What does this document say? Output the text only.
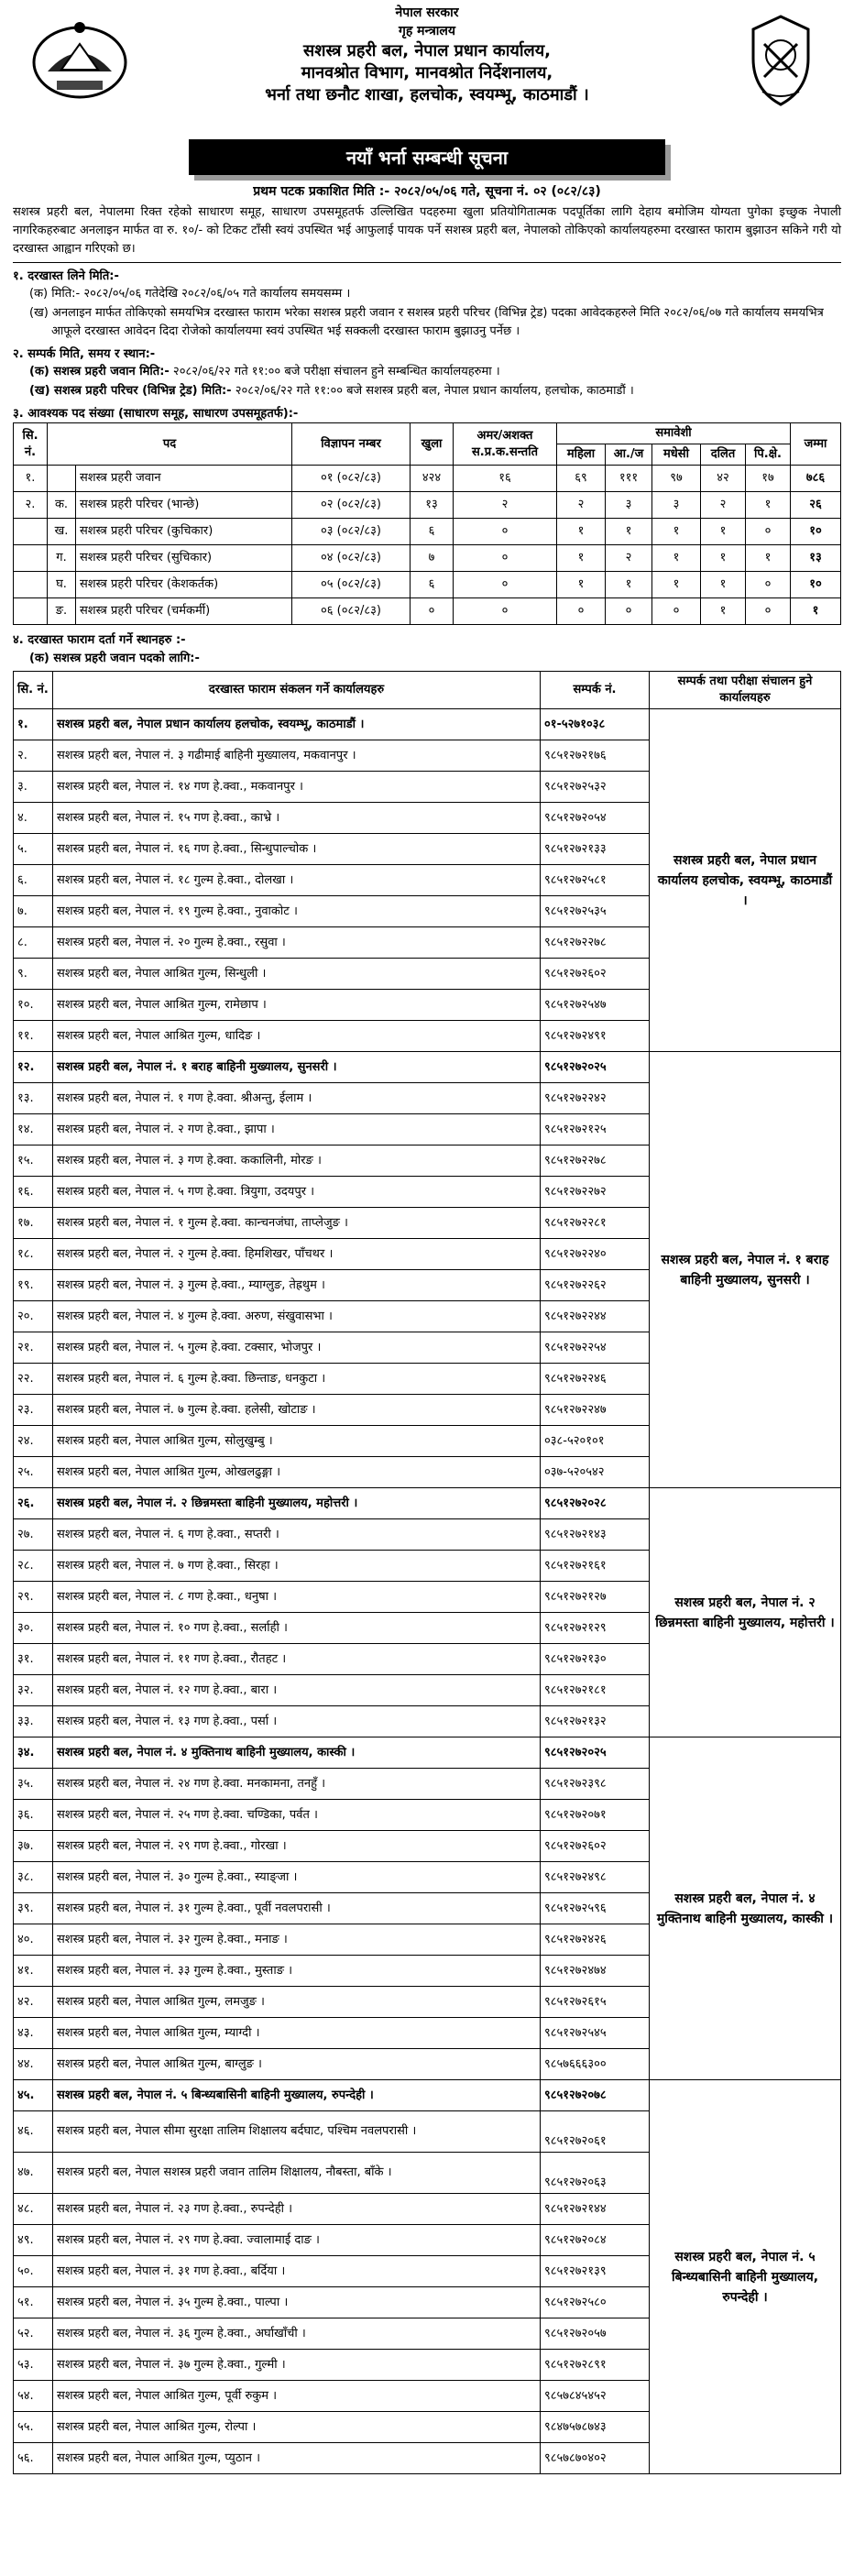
नेपाल सरकार

गृह मन्त्रालय

सशस्त्र प्रहरी बल, नेपाल प्रधान कार्यालय,

मानवश्रोत विभाग, मानवश्रोत निर्देशनालय,

भर्ना तथा छनौट शाखा, हलचोक, स्वयम्भू, काठमाडौं ।

नयाँ भर्ना सम्बन्धी सूचना
प्रथम पटक प्रकाशित मिति :- २०८२/०५/०६ गते, सूचना नं. ०२ (०८२/८३)

सशस्त्र प्रहरी बल, नेपालमा रिक्त रहेको साधारण समूह, साधारण उपसमूहतर्फ उल्लिखित पदहरुमा खुला प्रतियोगितात्मक पदपूर्तिका लागि देहाय बमोजिम योग्यता पुगेका इच्छुक नेपाली नागरिकहरुबाट अनलाइन मार्फत वा रु. १०/- को टिकट टाँसी स्वयं उपस्थित भई आफुलाई पायक पर्ने सशस्त्र प्रहरी बल, नेपालको तोकिएको कार्यालयहरुमा दरखास्त फाराम बुझाउन सकिने गरी यो दरखास्त आह्वान गरिएको छ।

१. दरखास्त लिने मिति:-

(क) मिति:- २०८२/०५/०६ गतेदेखि २०८२/०६/०५ गते कार्यालय समयसम्म ।

(ख) अनलाइन मार्फत तोकिएको समयभित्र दरखास्त फाराम भरेका सशस्त्र प्रहरी जवान र सशस्त्र प्रहरी परिचर (विभिन्न ट्रेड) पदका आवेदकहरुले मिति २०८२/०६/०७ गते कार्यालय समयभित्र आफूले दरखास्त आवेदन दिदा रोजेको कार्यालयमा स्वयं उपस्थित भई सक्कली दरखास्त फाराम बुझाउनु पर्नेछ ।

२. सम्पर्क मिति, समय र स्थान:-

(क) सशस्त्र प्रहरी जवान मिति:- २०८२/०६/२२ गते ११:०० बजे परीक्षा संचालन हुने सम्बन्धित कार्यालयहरुमा ।

(ख) सशस्त्र प्रहरी परिचर (विभिन्न ट्रेड) मिति:- २०८२/०६/२२ गते ११:०० बजे सशस्त्र प्रहरी बल, नेपाल प्रधान कार्यालय, हलचोक, काठमाडौं ।

३. आवश्यक पद संख्या (साधारण समूह, साधारण उपसमूहतर्फ):-
सि. नं.	पद		विज्ञापन नम्बर	खुला	अमर/अशक्त स.प्र.क.सन्तति	समावेशी					जम्मा
						महिला	आ./ज	मधेसी	दलित	पि.क्षे.	
१.		सशस्त्र प्रहरी जवान	०१ (०८२/८३)	४२४	१६	६९	१११	९७	४२	१७	७८६
२.	क.	सशस्त्र प्रहरी परिचर (भान्छे)	०२ (०८२/८३)	१३	२	२	३	३	२	१	२६
	ख.	सशस्त्र प्रहरी परिचर (कुचिकार)	०३ (०८२/८३)	६	०	१	१	१	१	०	१०
	ग.	सशस्त्र प्रहरी परिचर (सुचिकार)	०४ (०८२/८३)	७	०	१	२	१	१	१	१३
	घ.	सशस्त्र प्रहरी परिचर (केशकर्तक)	०५ (०८२/८३)	६	०	१	१	१	१	०	१०
	ङ.	सशस्त्र प्रहरी परिचर (चर्मकर्मी)	०६ (०८२/८३)	०	०	०	०	०	१	०	१
४. दरखास्त फाराम दर्ता गर्ने स्थानहरु :-
(क) सशस्त्र प्रहरी जवान पदको लागि:-
सि. नं.	दरखास्त फाराम संकलन गर्ने कार्यालयहरु	सम्पर्क नं.	सम्पर्क तथा परीक्षा संचालन हुने कार्यालयहरु
१.	सशस्त्र प्रहरी बल, नेपाल प्रधान कार्यालय हलचोक, स्वयम्भू, काठमाडौं ।	०१-५२७१०३८	सशस्त्र प्रहरी बल, नेपाल प्रधान कार्यालय हलचोक, स्वयम्भू, काठमाडौं ।
२.	सशस्त्र प्रहरी बल, नेपाल नं. ३ गढीमाई बाहिनी मुख्यालय, मकवानपुर ।	९८५१२७२१७६	
३.	सशस्त्र प्रहरी बल, नेपाल नं. १४ गण हे.क्वा., मकवानपुर ।	९८५१२७२५३२	
४.	सशस्त्र प्रहरी बल, नेपाल नं. १५ गण हे.क्वा., काभ्रे ।	९८५१२७२०५४	
५.	सशस्त्र प्रहरी बल, नेपाल नं. १६ गण हे.क्वा., सिन्धुपाल्चोक ।	९८५१२७२१३३	
६.	सशस्त्र प्रहरी बल, नेपाल नं. १८ गुल्म हे.क्वा., दोलखा ।	९८५१२७२५८१	
७.	सशस्त्र प्रहरी बल, नेपाल नं. १९ गुल्म हे.क्वा., नुवाकोट ।	९८५१२७२५३५	
८.	सशस्त्र प्रहरी बल, नेपाल नं. २० गुल्म हे.क्वा., रसुवा ।	९८५१२७२२७८	
९.	सशस्त्र प्रहरी बल, नेपाल आश्रित गुल्म, सिन्धुली ।	९८५१२७२६०२	
१०.	सशस्त्र प्रहरी बल, नेपाल आश्रित गुल्म, रामेछाप ।	९८५१२७२५४७	
११.	सशस्त्र प्रहरी बल, नेपाल आश्रित गुल्म, धादिङ ।	९८५१२७२४९१	
१२.	सशस्त्र प्रहरी बल, नेपाल नं. १ बराह बाहिनी मुख्यालय, सुनसरी ।	९८५१२७२०२५	सशस्त्र प्रहरी बल, नेपाल नं. १ बराह बाहिनी मुख्यालय, सुनसरी ।
१३.	सशस्त्र प्रहरी बल, नेपाल नं. १ गण हे.क्वा. श्रीअन्तु, ईलाम ।	९८५१२७२२४२	
१४.	सशस्त्र प्रहरी बल, नेपाल नं. २ गण हे.क्वा., झापा ।	९८५१२७२१२५	
१५.	सशस्त्र प्रहरी बल, नेपाल नं. ३ गण हे.क्वा. ककालिनी, मोरङ ।	९८५१२७२२७८	
१६.	सशस्त्र प्रहरी बल, नेपाल नं. ५ गण हे.क्वा. त्रियुगा, उदयपुर ।	९८५१२७२२७२	
१७.	सशस्त्र प्रहरी बल, नेपाल नं. १ गुल्म हे.क्वा. कान्चनजंघा, ताप्लेजुङ ।	९८५१२७२२८१	
१८.	सशस्त्र प्रहरी बल, नेपाल नं. २ गुल्म हे.क्वा. हिमशिखर, पाँचथर ।	९८५१२७२२४०	
१९.	सशस्त्र प्रहरी बल, नेपाल नं. ३ गुल्म हे.क्वा., म्याग्लुङ, तेह्रथुम ।	९८५१२७२२६२	
२०.	सशस्त्र प्रहरी बल, नेपाल नं. ४ गुल्म हे.क्वा. अरुण, संखुवासभा ।	९८५१२७२२४४	
२१.	सशस्त्र प्रहरी बल, नेपाल नं. ५ गुल्म हे.क्वा. टक्सार, भोजपुर ।	९८५१२७२२५४	
२२.	सशस्त्र प्रहरी बल, नेपाल नं. ६ गुल्म हे.क्वा. छिन्ताङ, धनकुटा ।	९८५१२७२२४६	
२३.	सशस्त्र प्रहरी बल, नेपाल नं. ७ गुल्म हे.क्वा. हलेसी, खोटाङ ।	९८५१२७२२४७	
२४.	सशस्त्र प्रहरी बल, नेपाल आश्रित गुल्म, सोलुखुम्बु ।	०३८-५२०१०१	
२५.	सशस्त्र प्रहरी बल, नेपाल आश्रित गुल्म, ओखलढुङ्गा ।	०३७-५२०५४२	
२६.	सशस्त्र प्रहरी बल, नेपाल नं. २ छिन्नमस्ता बाहिनी मुख्यालय, महोत्तरी ।	९८५१२७२०२८	सशस्त्र प्रहरी बल, नेपाल नं. २ छिन्नमस्ता बाहिनी मुख्यालय, महोत्तरी ।
२७.	सशस्त्र प्रहरी बल, नेपाल नं. ६ गण हे.क्वा., सप्तरी ।	९८५१२७२१४३	
२८.	सशस्त्र प्रहरी बल, नेपाल नं. ७ गण हे.क्वा., सिरहा ।	९८५१२७२१६१	
२९.	सशस्त्र प्रहरी बल, नेपाल नं. ८ गण हे.क्वा., धनुषा ।	९८५१२७२१२७	
३०.	सशस्त्र प्रहरी बल, नेपाल नं. १० गण हे.क्वा., सर्लाही ।	९८५१२७२१२९	
३१.	सशस्त्र प्रहरी बल, नेपाल नं. ११ गण हे.क्वा., रौतहट ।	९८५१२७२१३०	
३२.	सशस्त्र प्रहरी बल, नेपाल नं. १२ गण हे.क्वा., बारा ।	९८५१२७२१८१	
३३.	सशस्त्र प्रहरी बल, नेपाल नं. १३ गण हे.क्वा., पर्सा ।	९८५१२७२१३२	
३४.	सशस्त्र प्रहरी बल, नेपाल नं. ४ मुक्तिनाथ बाहिनी मुख्यालय, कास्की ।	९८५१२७२०२५	सशस्त्र प्रहरी बल, नेपाल नं. ४ मुक्तिनाथ बाहिनी मुख्यालय, कास्की ।
३५.	सशस्त्र प्रहरी बल, नेपाल नं. २४ गण हे.क्वा. मनकामना, तनहुँ ।	९८५१२७२३९८	
३६.	सशस्त्र प्रहरी बल, नेपाल नं. २५ गण हे.क्वा. चण्डिका, पर्वत ।	९८५१२७२०७१	
३७.	सशस्त्र प्रहरी बल, नेपाल नं. २९ गण हे.क्वा., गोरखा ।	९८५१२७२६०२	
३८.	सशस्त्र प्रहरी बल, नेपाल नं. ३० गुल्म हे.क्वा., स्याङ्जा ।	९८५१२७२४९८	
३९.	सशस्त्र प्रहरी बल, नेपाल नं. ३१ गुल्म हे.क्वा., पूर्वी नवलपरासी ।	९८५१२७२५९६	
४०.	सशस्त्र प्रहरी बल, नेपाल नं. ३२ गुल्म हे.क्वा., मनाङ ।	९८५१२७२४२६	
४१.	सशस्त्र प्रहरी बल, नेपाल नं. ३३ गुल्म हे.क्वा., मुस्ताङ ।	९८५१२७२४७४	
४२.	सशस्त्र प्रहरी बल, नेपाल आश्रित गुल्म, लमजुङ ।	९८५१२७२६१५	
४३.	सशस्त्र प्रहरी बल, नेपाल आश्रित गुल्म, म्याग्दी ।	९८५१२७२५४५	
४४.	सशस्त्र प्रहरी बल, नेपाल आश्रित गुल्म, बाग्लुङ ।	९८५७६६६३००	
४५.	सशस्त्र प्रहरी बल, नेपाल नं. ५ बिन्ध्यबासिनी बाहिनी मुख्यालय, रुपन्देही ।	९८५१२७२०७८	सशस्त्र प्रहरी बल, नेपाल नं. ५ बिन्ध्यबासिनी बाहिनी मुख्यालय, रुपन्देही ।
४६.	सशस्त्र प्रहरी बल, नेपाल सीमा सुरक्षा तालिम शिक्षालय बर्दघाट, पश्चिम नवलपरासी ।	९८५१२७२०६१	
४७.	सशस्त्र प्रहरी बल, नेपाल सशस्त्र प्रहरी जवान तालिम शिक्षालय, नौबस्ता, बाँके ।	९८५१२७२०६३	
४८.	सशस्त्र प्रहरी बल, नेपाल नं. २३ गण हे.क्वा., रुपन्देही ।	९८५१२७२१४४	
४९.	सशस्त्र प्रहरी बल, नेपाल नं. २९ गण हे.क्वा. ज्वालामाई दाङ ।	९८५१२७२०८४	
५०.	सशस्त्र प्रहरी बल, नेपाल नं. ३१ गण हे.क्वा., बर्दिया ।	९८५१२७२१३९	
५१.	सशस्त्र प्रहरी बल, नेपाल नं. ३५ गुल्म हे.क्वा., पाल्पा ।	९८५१२७२५८०	
५२.	सशस्त्र प्रहरी बल, नेपाल नं. ३६ गुल्म हे.क्वा., अर्घाखाँची ।	९८५१२७२०५७	
५३.	सशस्त्र प्रहरी बल, नेपाल नं. ३७ गुल्म हे.क्वा., गुल्मी ।	९८५१२७२८९१	
५४.	सशस्त्र प्रहरी बल, नेपाल आश्रित गुल्म, पूर्वी रुकुम ।	९८५७८४५४५२	
५५.	सशस्त्र प्रहरी बल, नेपाल आश्रित गुल्म, रोल्पा ।	९८४७५७८७४३	
५६.	सशस्त्र प्रहरी बल, नेपाल आश्रित गुल्म, प्युठान ।	९८५७८७०४०२	
